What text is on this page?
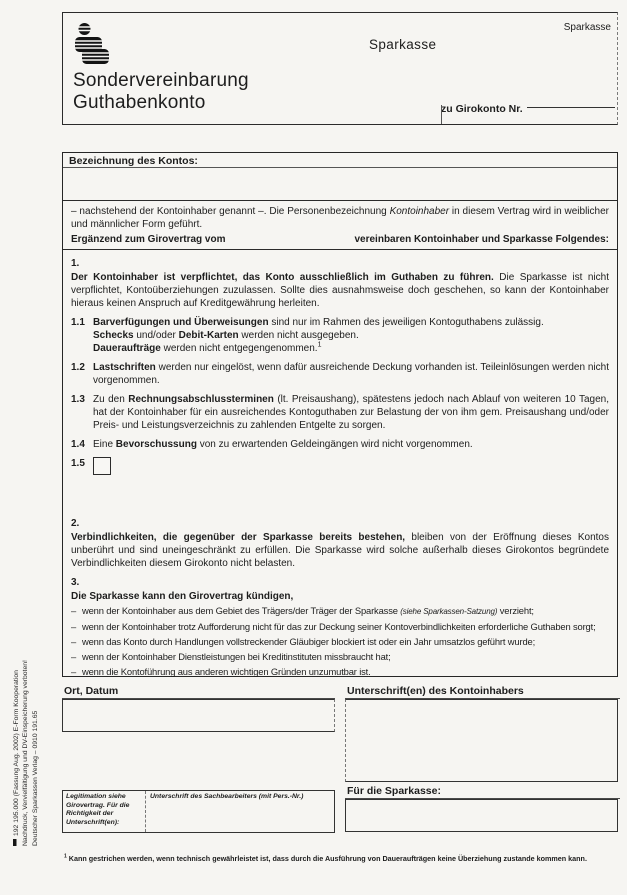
192 195.000 (Fassung Aug. 2002) E-Form Kooperation Nachdruck, Vervielfältigung und DV-Einspeicherung verboten! Deutscher Sparkassen Verlag – 0910 191.65
Sparkasse
Sparkasse
Sondervereinbarung
Guthabenkonto	zu Girokonto Nr.
Bezeichnung des Kontos:

– nachstehend der Kontoinhaber genannt –. Die Personenbezeichnung Kontoinhaber in diesem Vertrag wird in weiblicher und männlicher Form geführt.

Ergänzend zum Girovertrag vom	vereinbaren Kontoinhaber und Sparkasse Folgendes:
1.
Der Kontoinhaber ist verpflichtet, das Konto ausschließlich im Guthaben zu führen. Die Sparkasse ist nicht verpflichtet, Kontoüberziehungen zuzulassen. Sollte dies ausnahmsweise doch geschehen, so kann der Kontoinhaber hieraus keinen Anspruch auf Kreditgewährung herleiten.
1.1 Barverfügungen und Überweisungen sind nur im Rahmen des jeweiligen Kontoguthabens zulässig.
Schecks und/oder Debit-Karten werden nicht ausgegeben.
Daueraufträge werden nicht entgegengenommen.$^1$
1.2 Lastschriften werden nur eingelöst, wenn dafür ausreichende Deckung vorhanden ist. Teileinlösungen werden nicht vorgenommen.
1.3 Zu den Rechnungsabschlussterminen (lt. Preisaushang), spätestens jedoch nach Ablauf von weiteren 10 Tagen, hat der Kontoinhaber für ein ausreichendes Kontoguthaben zur Belastung der von ihm gem. Preisaushang und/oder Preis- und Leistungsverzeichnis zu zahlenden Entgelte zu sorgen.
1.4 Eine Bevorschussung von zu erwartenden Geldeingängen wird nicht vorgenommen.
1.5
2.
Verbindlichkeiten, die gegenüber der Sparkasse bereits bestehen, bleiben von der Eröffnung dieses Kontos unberührt und sind uneingeschränkt zu erfüllen. Die Sparkasse wird solche außerhalb dieses Girokontos begründete Verbindlichkeiten diesem Girokonto nicht belasten.
3.
Die Sparkasse kann den Girovertrag kündigen,
– wenn der Kontoinhaber aus dem Gebiet des Trägers/der Träger der Sparkasse (siehe Sparkassen-Satzung) verzieht;
– wenn der Kontoinhaber trotz Aufforderung nicht für das zur Deckung seiner Kontoverbindlichkeiten erforderliche Guthaben sorgt;
– wenn das Konto durch Handlungen vollstreckender Gläubiger blockiert ist oder ein Jahr umsatzlos geführt wurde;
– wenn der Kontoinhaber Dienstleistungen bei Kreditinstituten missbraucht hat;
– wenn die Kontoführung aus anderen wichtigen Gründen unzumutbar ist.
Ort, Datum	Unterschrift(en) des Kontoinhabers
Für die Sparkasse:
Legitimation siehe Girovertrag. Für die Richtigkeit der Unterschrift(en):
Unterschrift des Sachbearbeiters (mit Pers.-Nr.)
$^1$ Kann gestrichen werden, wenn technisch gewährleistet ist, dass durch die Ausführung von Daueraufträgen keine Überziehung zustande kommen kann.
